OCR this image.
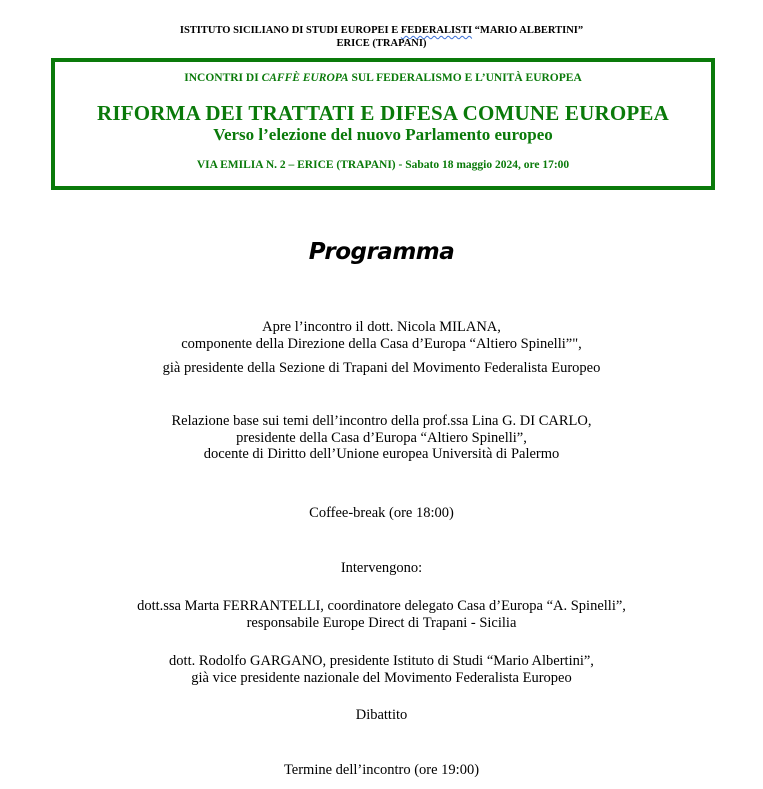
ISTITUTO SICILIANO DI STUDI EUROPEI E FEDERALISTI “MARIO ALBERTINI”
ERICE (TRAPANI)
INCONTRI DI CAFFÈ EUROPA SUL FEDERALISMO E L’UNITÀ EUROPEA
RIFORMA DEI TRATTATI E DIFESA COMUNE EUROPEA
Verso l’elezione del nuovo Parlamento europeo
VIA EMILIA N. 2 – ERICE (TRAPANI) - Sabato 18 maggio 2024, ore 17:00
Programma
Apre l’incontro il dott. Nicola MILANA,
componente della Direzione della Casa d’Europa “Altiero Spinelli”",
già presidente della Sezione di Trapani del Movimento Federalista Europeo
Relazione base sui temi dell’incontro della prof.ssa Lina G. DI CARLO,
presidente della Casa d’Europa “Altiero Spinelli”,
docente di Diritto dell’Unione europea Università di Palermo
Coffee-break (ore 18:00)
Intervengono:
dott.ssa Marta FERRANTELLI, coordinatore delegato Casa d’Europa “A. Spinelli”,
responsabile Europe Direct di Trapani - Sicilia
dott. Rodolfo GARGANO, presidente Istituto di Studi “Mario Albertini”,
già vice presidente nazionale del Movimento Federalista Europeo
Dibattito
Termine dell’incontro (ore 19:00)
